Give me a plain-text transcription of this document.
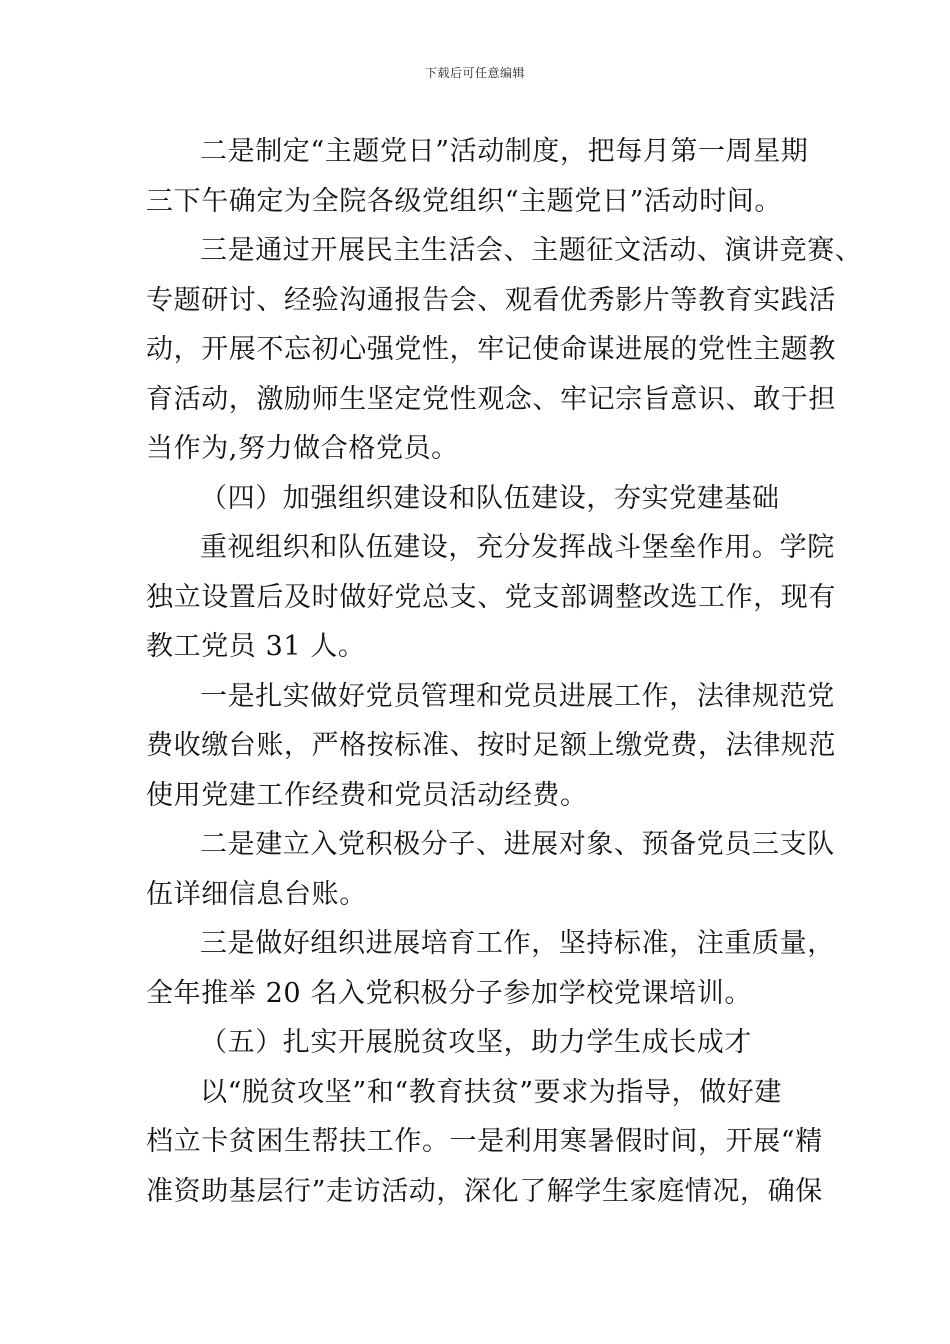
下载后可任意编辑
二是制定“主题党日”活动制度，把每月第一周星期
三下午确定为全院各级党组织“主题党日”活动时间。
三是通过开展民主生活会、主题征文活动、演讲竞赛、
专题研讨、经验沟通报告会、观看优秀影片等教育实践活
动，开展不忘初心强党性，牢记使命谋进展的党性主题教
育活动，激励师生坚定党性观念、牢记宗旨意识、敢于担
当作为,努力做合格党员。
（四）加强组织建设和队伍建设，夯实党建基础
重视组织和队伍建设，充分发挥战斗堡垒作用。学院
独立设置后及时做好党总支、党支部调整改选工作，现有
教工党员 31 人。
一是扎实做好党员管理和党员进展工作，法律规范党
费收缴台账，严格按标准、按时足额上缴党费，法律规范
使用党建工作经费和党员活动经费。
二是建立入党积极分子、进展对象、预备党员三支队
伍详细信息台账。
三是做好组织进展培育工作，坚持标准，注重质量，
全年推举 20 名入党积极分子参加学校党课培训。
（五）扎实开展脱贫攻坚，助力学生成长成才
以“脱贫攻坚”和“教育扶贫”要求为指导，做好建
档立卡贫困生帮扶工作。一是利用寒暑假时间，开展“精
准资助基层行”走访活动，深化了解学生家庭情况，确保
